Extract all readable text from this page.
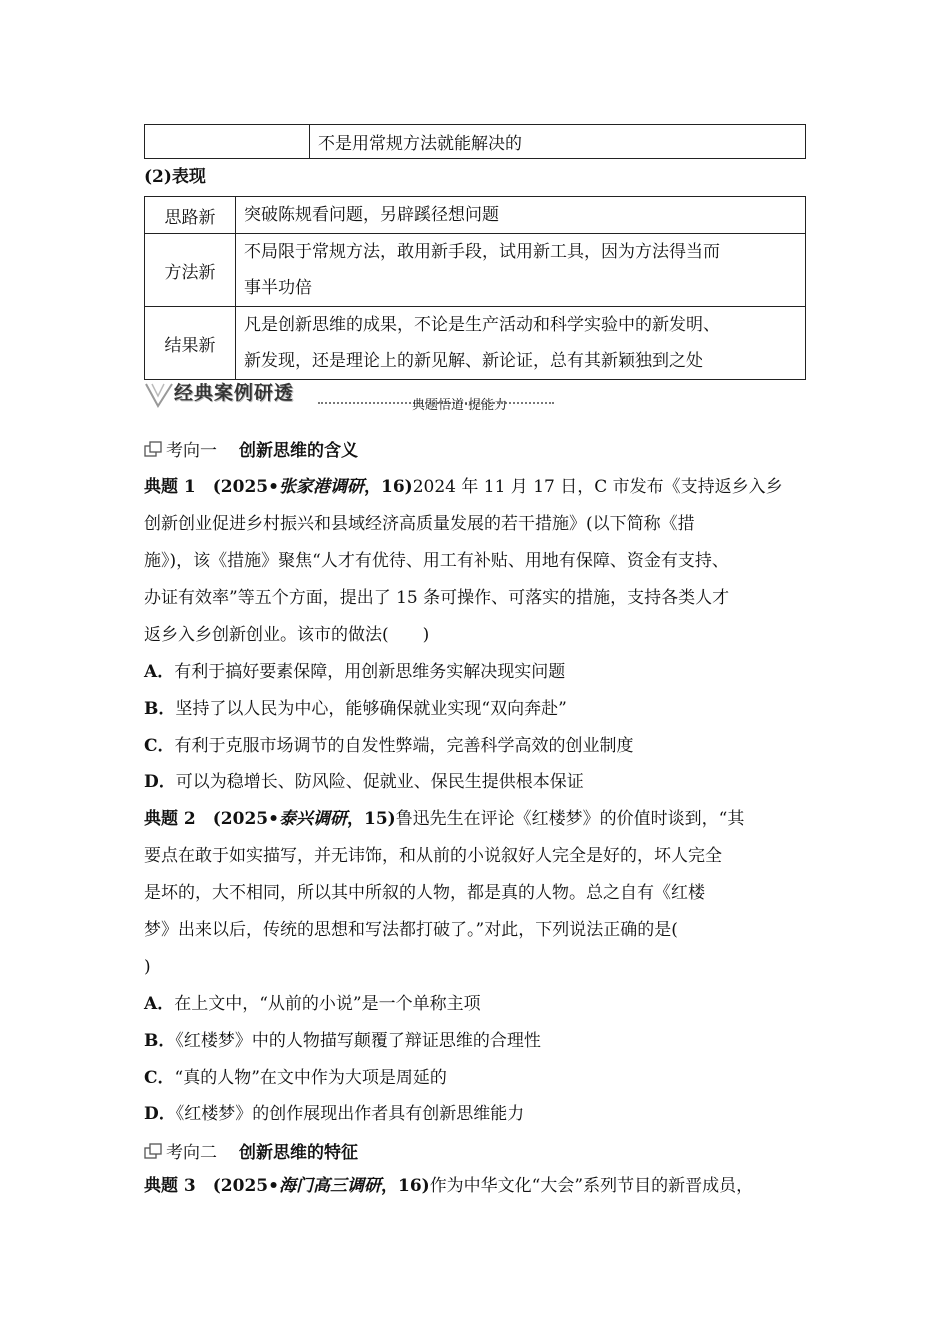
	不是用常规方法就能解决的
(2)表现
思路新	突破陈规看问题，另辟蹊径想问题
方法新	不局限于常规方法，敢用新手段，试用新工具，因为方法得当而
事半功倍
结果新	凡是创新思维的成果，不论是生产活动和科学实验中的新发明、
新发现，还是理论上的新见解、新论证，总有其新颖独到之处
经典案例研透
典题悟道·提能力
考向一 创新思维的含义
典题 1　 (2025•张家港调研，16)2024 年 11 月 17 日，C 市发布《支持返乡入乡
创新创业促进乡村振兴和县域经济高质量发展的若干措施》(以下简称《措
施》)，该《措施》聚焦“人才有优待、用工有补贴、用地有保障、资金有支持、
办证有效率”等五个方面，提出了 15 条可操作、可落实的措施，支持各类人才
返乡入乡创新创业。该市的做法(　　)
A．有利于搞好要素保障，用创新思维务实解决现实问题
B．坚持了以人民为中心，能够确保就业实现“双向奔赴”
C．有利于克服市场调节的自发性弊端，完善科学高效的创业制度
D．可以为稳增长、防风险、促就业、保民生提供根本保证
典题 2　 (2025•泰兴调研，15)鲁迅先生在评论《红楼梦》的价值时谈到，“其
要点在敢于如实描写，并无讳饰，和从前的小说叙好人完全是好的，坏人完全
是坏的，大不相同，所以其中所叙的人物，都是真的人物。总之自有《红楼
梦》出来以后，传统的思想和写法都打破了。”对此，下列说法正确的是(
)
A．在上文中，“从前的小说”是一个单称主项
B．《红楼梦》中的人物描写颠覆了辩证思维的合理性
C．“真的人物”在文中作为大项是周延的
D．《红楼梦》的创作展现出作者具有创新思维能力
考向二 创新思维的特征
典题 3　 (2025•海门高三调研，16)作为中华文化“大会”系列节目的新晋成员，
